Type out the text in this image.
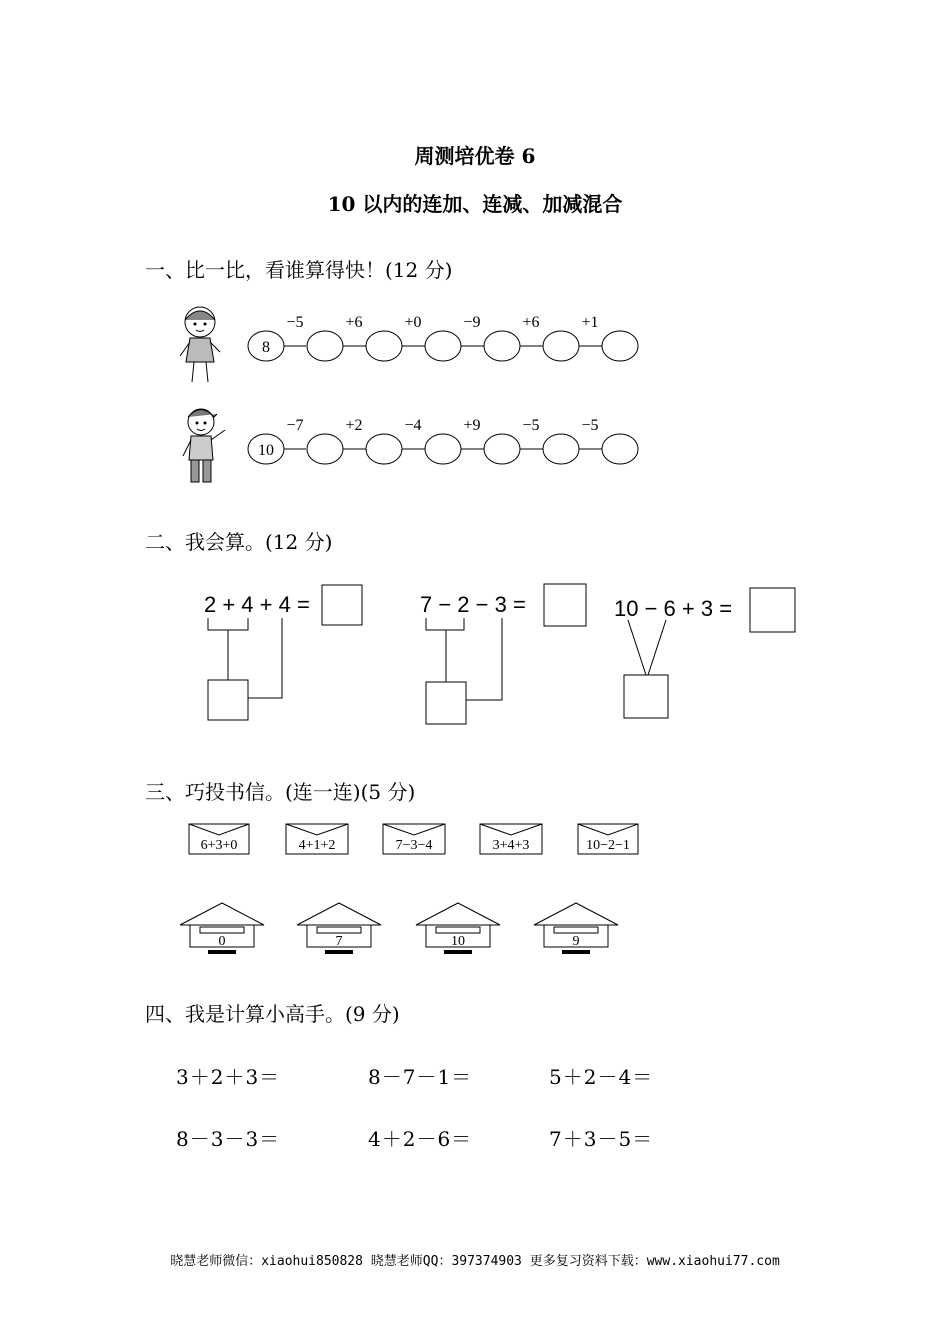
周测培优卷 6
10 以内的连加、连减、加减混合
一、比一比，看谁算得快！(12 分)
8
−5	+6	+0	−9	+6	+1
10
−7	+2	−4	+9	−5	−5
二、我会算。(12 分)
2 + 4 + 4 =	7 − 2 − 3 =	10 − 6 + 3 =
三、巧投书信。(连一连)(5 分)
6+3+0	4+1+2	7−3−4	3+4+3	10−2−1
0	7	10	9
四、我是计算小高手。(9 分)
3＋2＋3＝	8－7－1＝	5＋2－4＝
8－3－3＝	4＋2－6＝	7＋3－5＝
晓慧老师微信：xiaohui850828 晓慧老师QQ：397374903 更多复习资料下载：www.xiaohui77.com
